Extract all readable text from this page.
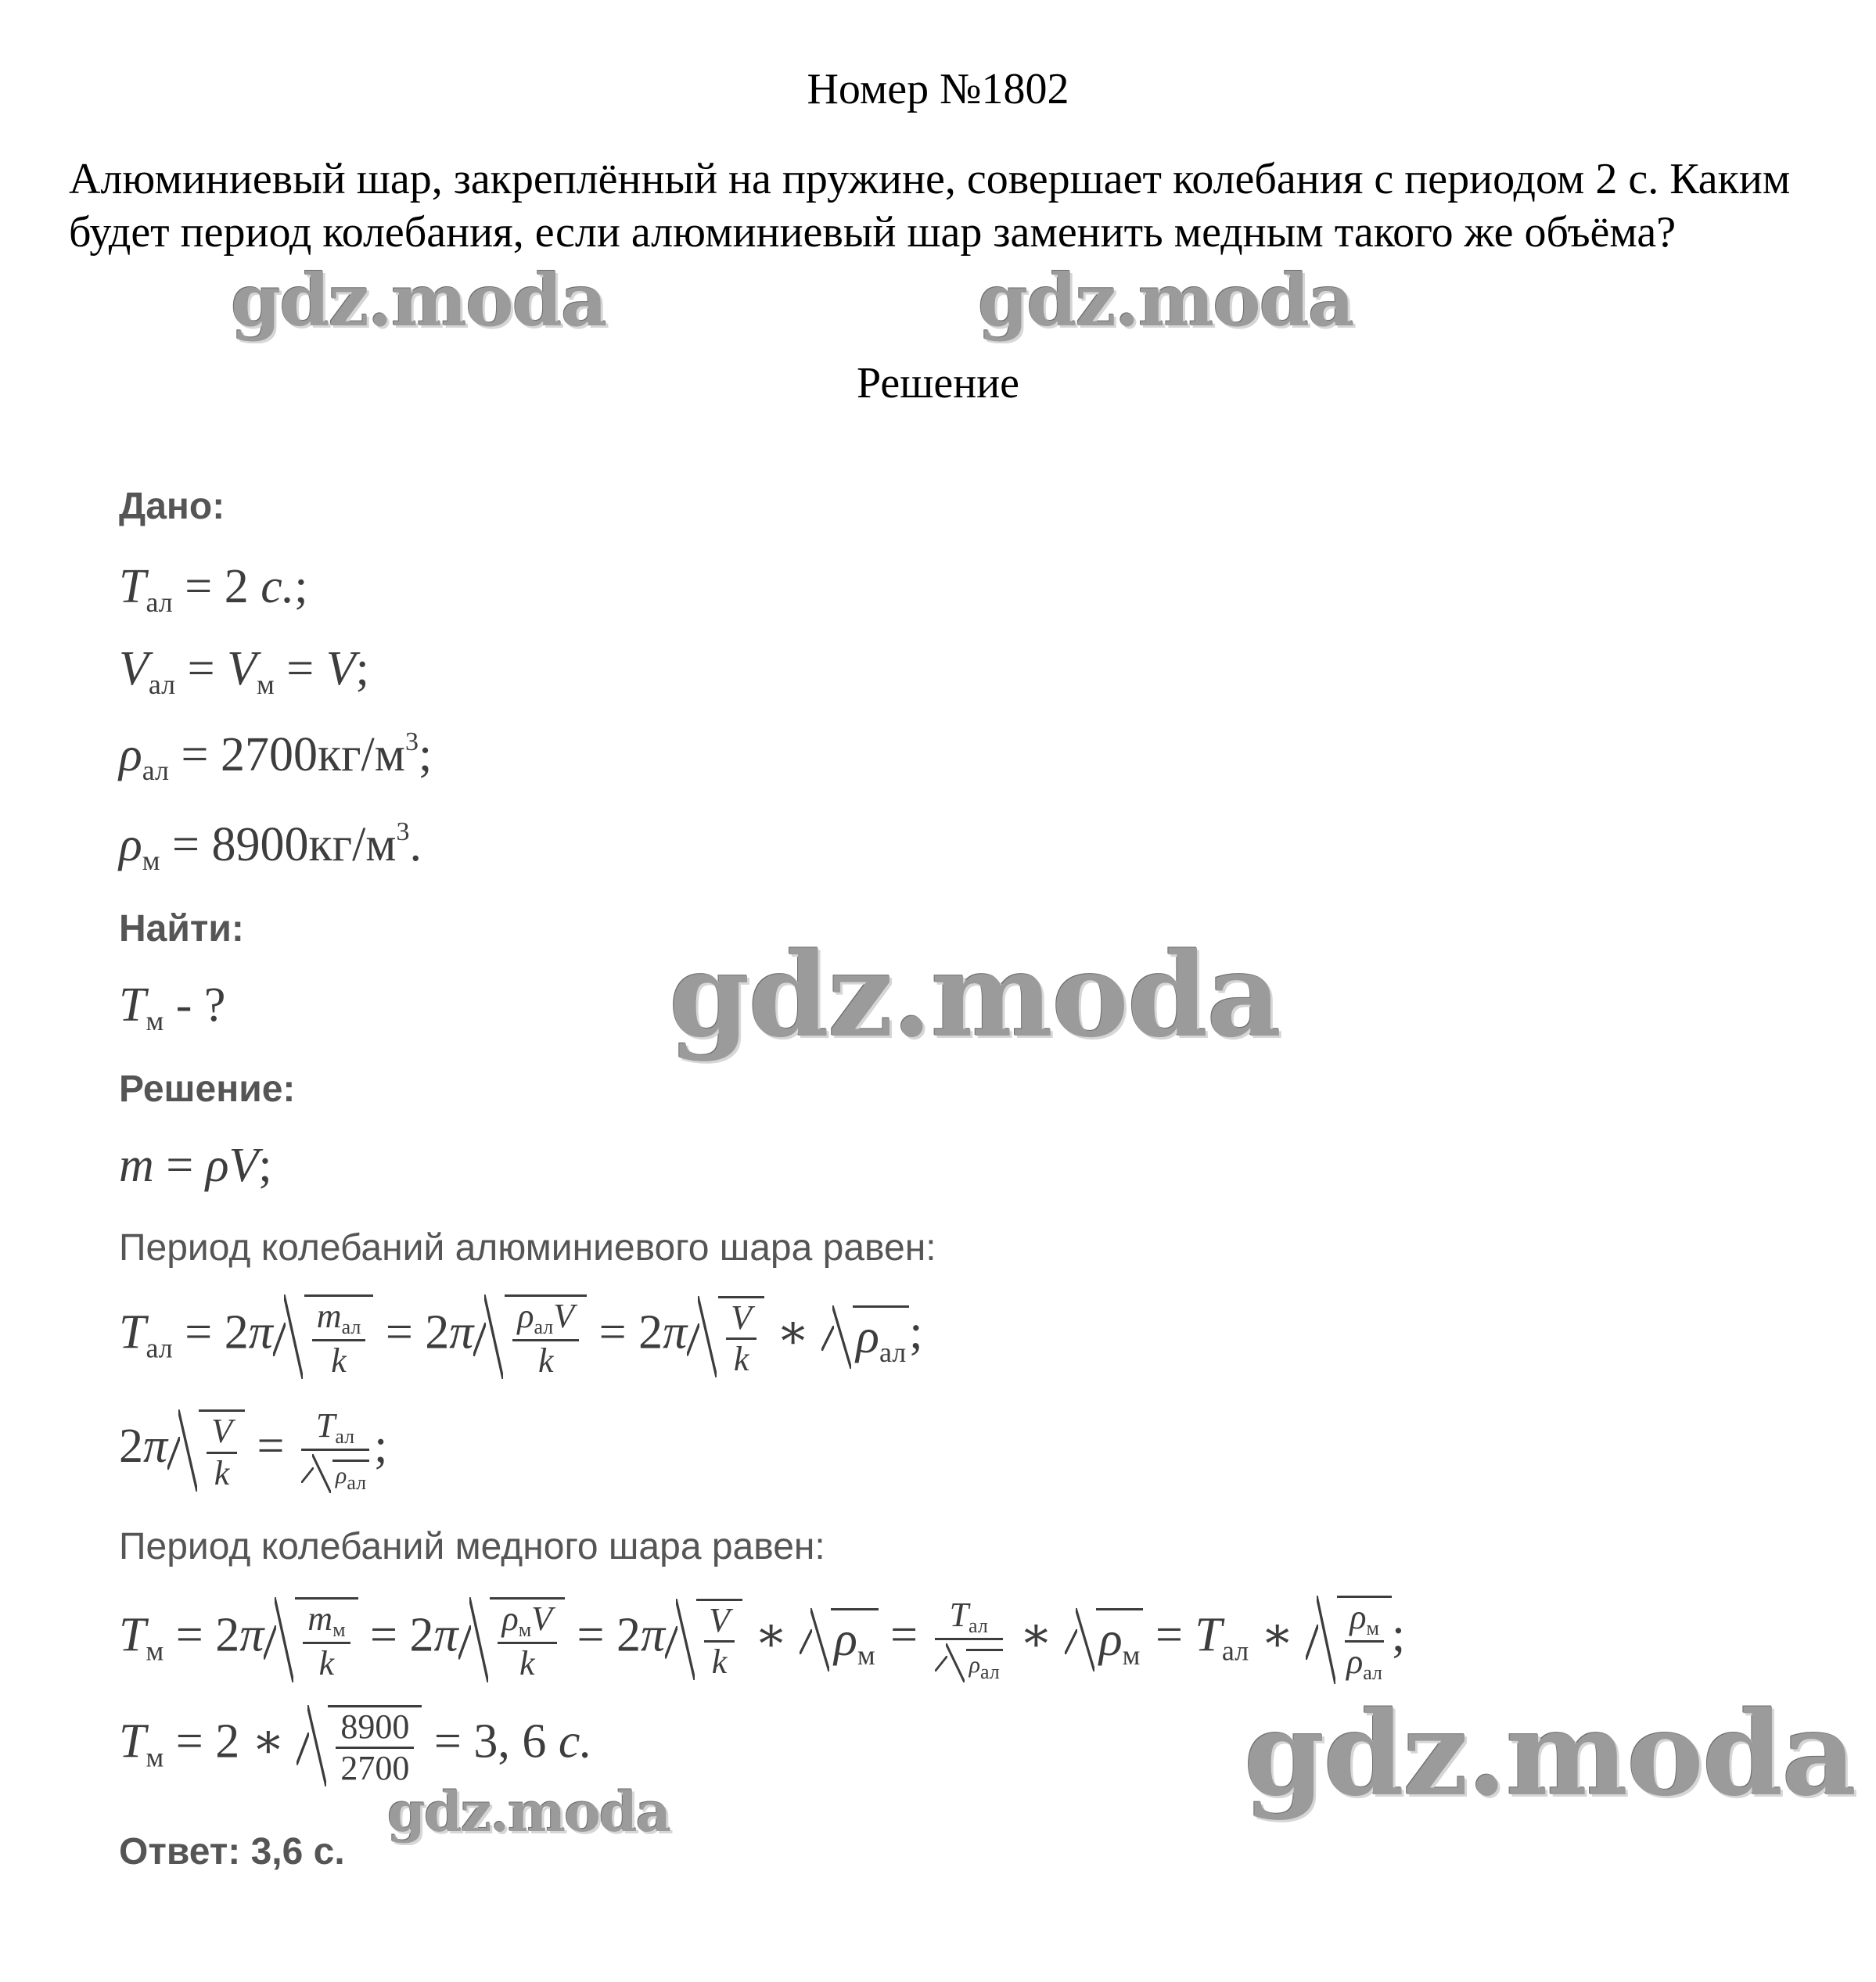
Номер №1802
Алюминиевый шар, закреплённый на пружине, совершает колебания с периодом 2 с. Каким будет период колебания, если алюминиевый шар заменить медным такого же объёма?
Решение
Дано:
$T_{ал} = 2$ с.;
$V_{ал} = V_м = V$;
$\rho_{ал} = 2700кг/м^3$;
$\rho_м = 8900кг/м^3$.
Найти:
$T_м$ - ?
Решение:
m = ρV;
Период колебаний алюминиевого шара равен:
$T_{ал} = 2\pi \frac{m_{ал}}{k} = 2\pi \frac{\rho_{ал}V}{k} = 2\pi \frac{V}{k}$ ∗ $\rho_{ал}$;
$2\pi \frac{V}{k} = \frac{T_{ал}}{\rho_{ал}}$ ;
Период колебаний медного шара равен:
$T_м = 2\pi \frac{m_м}{k} = 2\pi \frac{\rho_мV}{k} = 2\pi \frac{V}{k}$ ∗ $\rho_м = \frac{T_{ал}}{\rho_{ал}}$ ∗ $\rho_м = T_{ал}$ ∗ $\frac{\rho_м}{\rho_{ал}}$ ;
$T_м = 2$ ∗ $\frac{8900}{2700} = 3$, 6 с.
Ответ: 3,6 с.
gdz.moda	gdz.moda
gdz.moda
gdz.moda
gdz.moda
